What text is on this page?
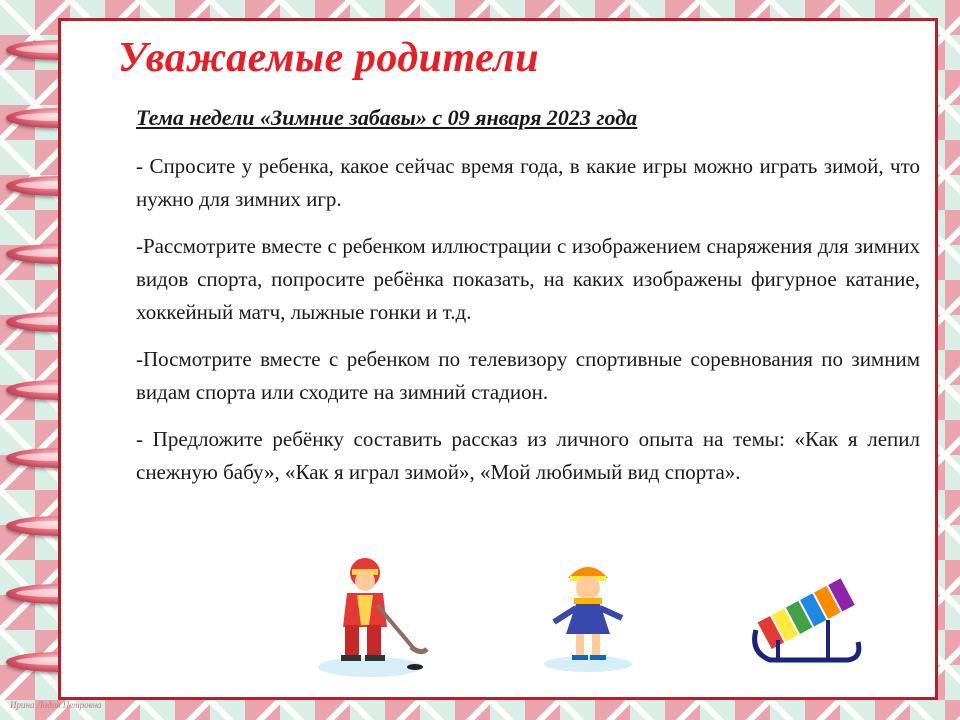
Уважаемые родители

Тема недели «Зимние забавы» с 09 января 2023 года

- Спросите у ребенка, какое сейчас время года, в какие игры можно играть зимой, что нужно для зимних игр.

-Рассмотрите вместе с ребенком иллюстрации с изображением снаряжения для зимних видов спорта, попросите ребёнка показать, на каких изображены фигурное катание, хоккейный матч, лыжные гонки и т.д.

-Посмотрите вместе с ребенком по телевизору спортивные соревнования по зимним видам спорта или сходите на зимний стадион.

- Предложите ребёнку составить рассказ из личного опыта на темы: «Как я лепил снежную бабу», «Как я играл зимой», «Мой любимый вид спорта».

Ирина Лидия Петровна
